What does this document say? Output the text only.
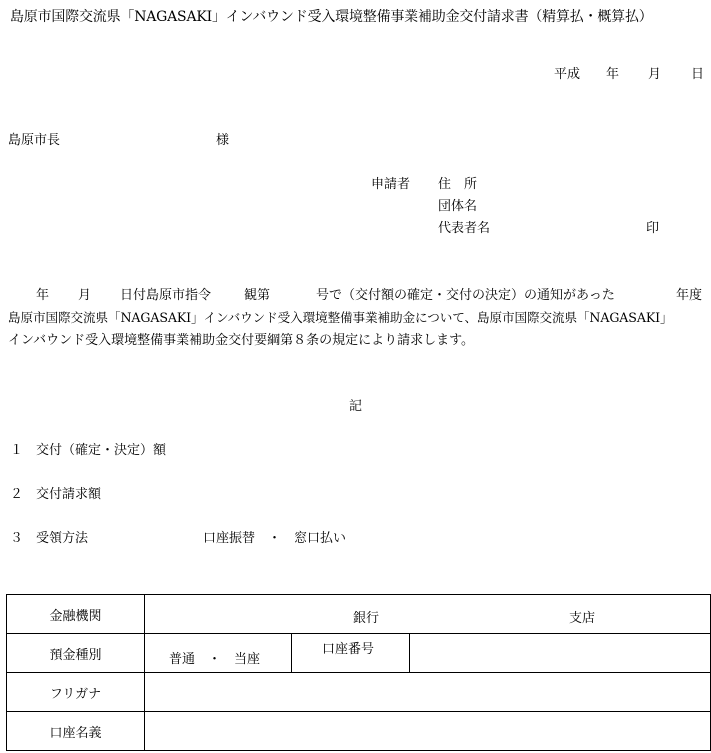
島原市国際交流県「NAGASAKI」インバウンド受入環境整備事業補助金交付請求書（精算払・概算払）
平成 年 月 日
島原市長	様
申請者 住　所
団体名
代表者名	印
年 月 日付島原市指令	観第	号で（交付額の確定・交付の決定）の通知があった	年度
島原市国際交流県「NAGASAKI」インバウンド受入環境整備事業補助金について、島原市国際交流県「NAGASAKI」
インバウンド受入環境整備事業補助金交付要綱第８条の規定により請求します。
記
１ 交付（確定・決定）額
２ 交付請求額
３ 受領方法	口座振替　・　窓口払い
金融機関	銀行 支店		

預金種別	普通　・　当座	口座番号	

フリガナ			
口座名義			
